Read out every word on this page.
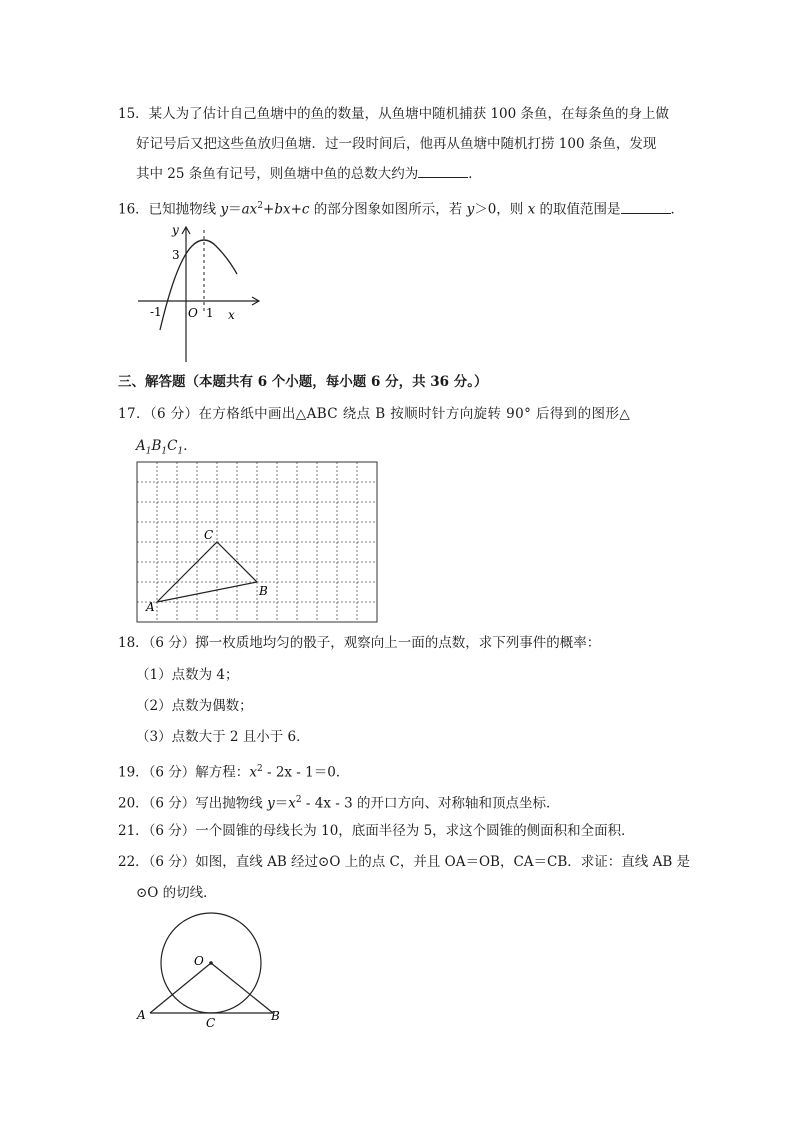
15．某人为了估计自己鱼塘中的鱼的数量，从鱼塘中随机捕获 100 条鱼，在每条鱼的身上做
好记号后又把这些鱼放归鱼塘．过一段时间后，他再从鱼塘中随机打捞 100 条鱼，发现
其中 25 条鱼有记号，则鱼塘中鱼的总数大约为	．
16．已知抛物线 $y=ax^2+bx+c$ 的部分图象如图所示，若 y＞0，则 x 的取值范围是	．
y
3
-1 O 1 x
三、解答题（本题共有 6 个小题，每小题 6 分，共 36 分。）
17．（6 分）在方格纸中画出△ABC 绕点 B 按顺时针方向旋转 90° 后得到的图形△
$A_1B_1C_1$．
A
B
C
18．（6 分）掷一枚质地均匀的骰子，观察向上一面的点数，求下列事件的概率：
（1）点数为 4；
（2）点数为偶数；
（3）点数大于 2 且小于 6．
19．（6 分）解方程：$x^2 - 2x - 1=0$．
20．（6 分）写出抛物线 $y=x^2 - 4x - 3$ 的开口方向、对称轴和顶点坐标．
21．（6 分）一个圆锥的母线长为 10，底面半径为 5，求这个圆锥的侧面积和全面积．
22．（6 分）如图，直线 AB 经过⊙O 上的点 C，并且 OA＝OB，CA＝CB．求证：直线 AB 是
⊙O 的切线．
O
A
C	B
